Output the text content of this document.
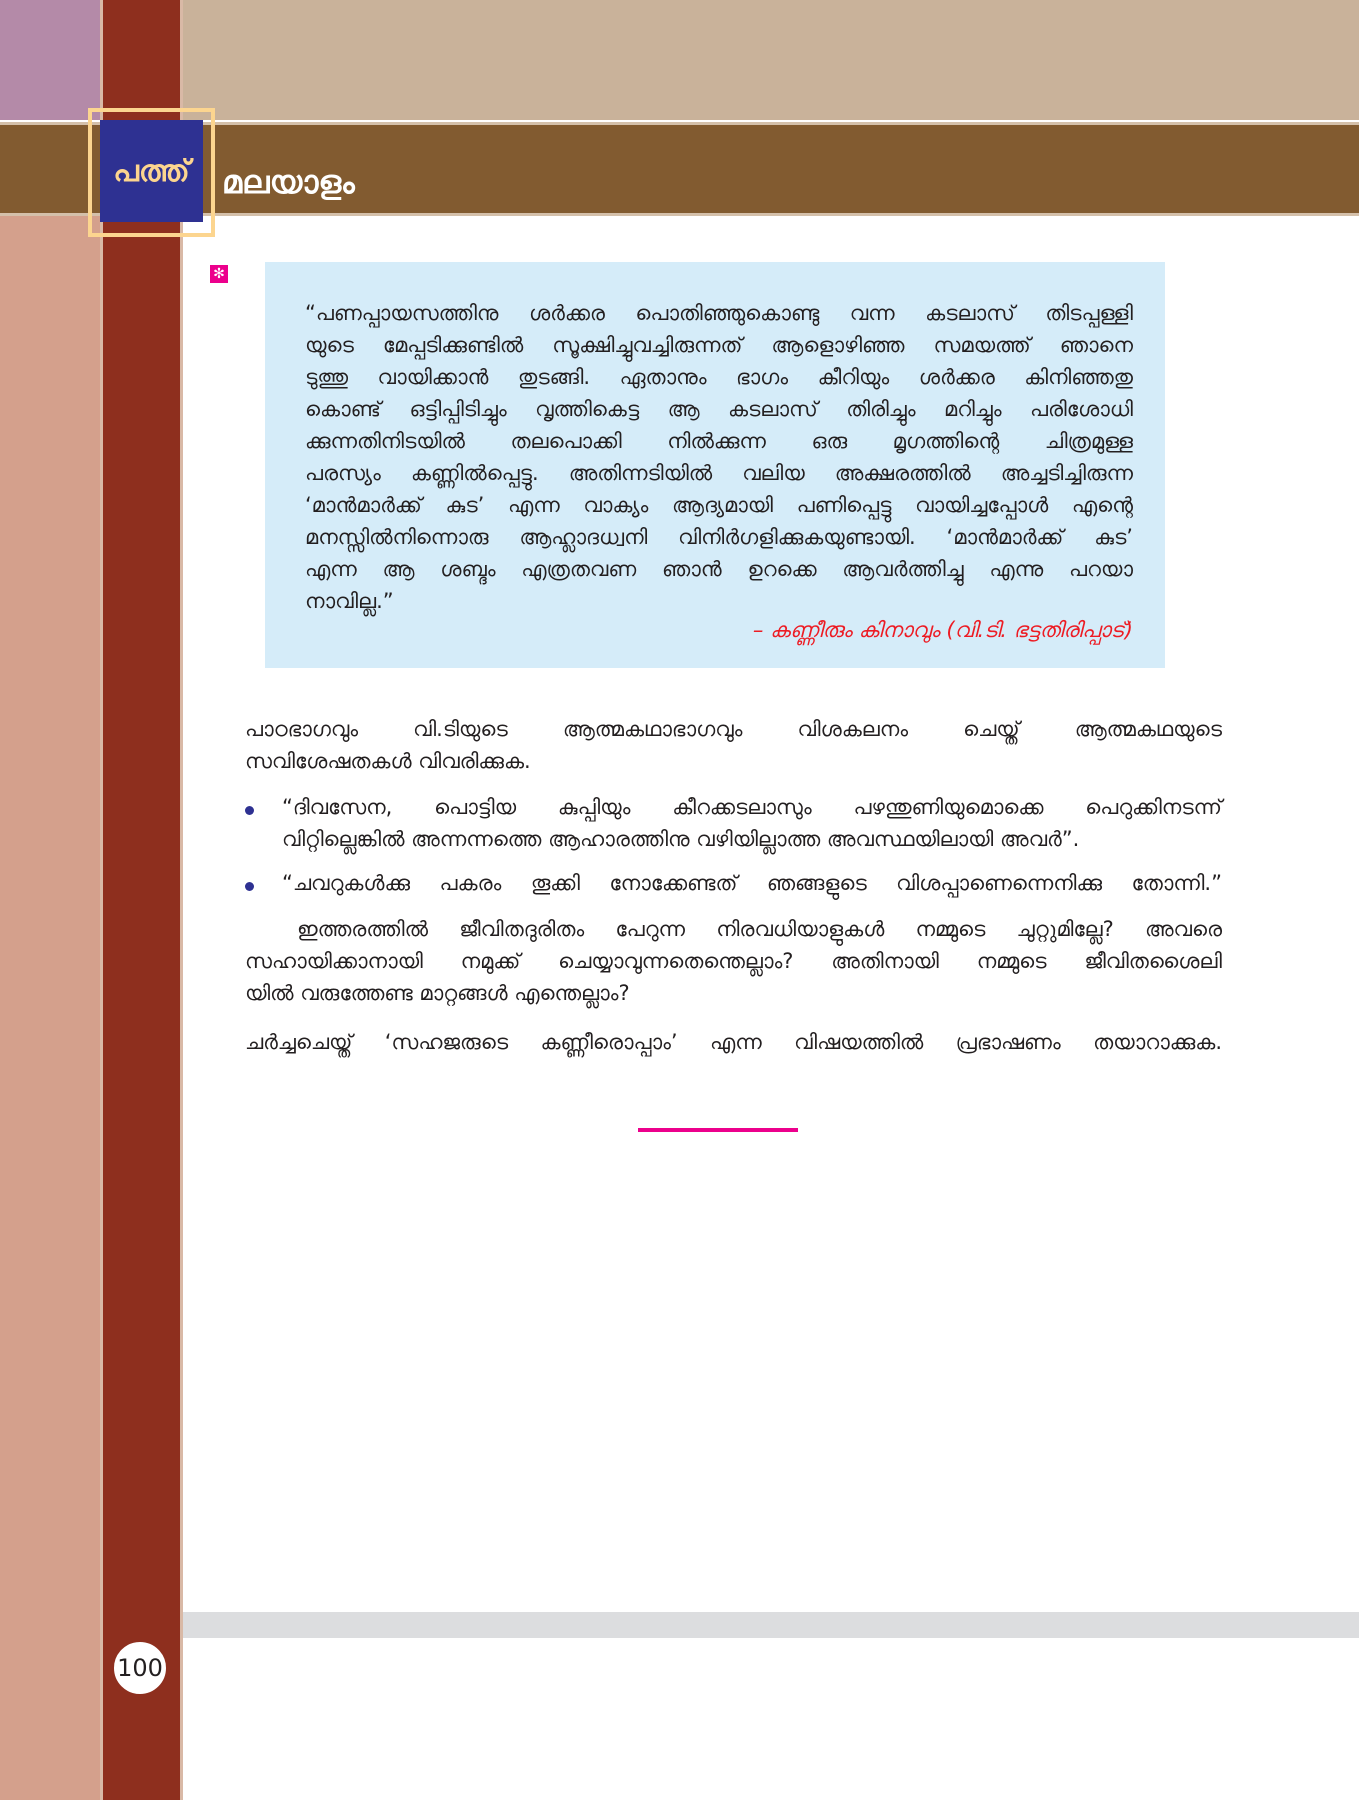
പത്ത്	മലയാളം
✻
“പണപ്പായസത്തിനു ശർക്കര പൊതിഞ്ഞുകൊണ്ടു വന്ന കടലാസ് തിടപ്പള്ളി
യുടെ മേപ്പടിക്കുണ്ടിൽ സൂക്ഷിച്ചുവച്ചിരുന്നത് ആളൊഴിഞ്ഞ സമയത്ത് ഞാനെ
ടുത്തു വായിക്കാൻ തുടങ്ങി. ഏതാനും ഭാഗം കീറിയും ശർക്കര കിനിഞ്ഞതു
കൊണ്ട് ഒട്ടിപ്പിടിച്ചും വൃത്തികെട്ട ആ കടലാസ് തിരിച്ചും മറിച്ചും പരിശോധി
ക്കുന്നതിനിടയിൽ തലപൊക്കി നിൽക്കുന്ന ഒരു മൃഗത്തിന്റെ ചിത്രമുള്ള
പരസ്യം കണ്ണിൽപ്പെട്ടു. അതിന്നടിയിൽ വലിയ അക്ഷരത്തിൽ അച്ചടിച്ചിരുന്ന
‘മാൻമാർക്ക് കുട’ എന്ന വാക്യം ആദ്യമായി പണിപ്പെട്ടു വായിച്ചപ്പോൾ എന്റെ
മനസ്സിൽനിന്നൊരു ആഹ്ലാദധ്വനി വിനിർഗളിക്കുകയുണ്ടായി. ‘മാൻമാർക്ക് കുട’
എന്ന ആ ശബ്ദം എത്രതവണ ഞാൻ ഉറക്കെ ആവർത്തിച്ചു എന്നു പറയാ
നാവില്ല.”
– കണ്ണീരും കിനാവും (വി.ടി. ഭട്ടതിരിപ്പാട്)
പാഠഭാഗവും വി.ടിയുടെ ആത്മകഥാഭാഗവും വിശകലനം ചെയ്ത് ആത്മകഥയുടെ
സവിശേഷതകൾ വിവരിക്കുക.
“ദിവസേന, പൊട്ടിയ കുപ്പിയും കീറക്കടലാസും പഴന്തുണിയുമൊക്കെ പെറുക്കിനടന്ന്
വിറ്റില്ലെങ്കിൽ അന്നന്നത്തെ ആഹാരത്തിനു വഴിയില്ലാത്ത അവസ്ഥയിലായി അവർ”.
“ചവറുകൾക്കു പകരം തൂക്കി നോക്കേണ്ടത് ഞങ്ങളുടെ വിശപ്പാണെന്നെനിക്കു തോന്നി.”
ഇത്തരത്തിൽ ജീവിതദുരിതം പേറുന്ന നിരവധിയാളുകൾ നമ്മുടെ ചുറ്റുമില്ലേ? അവരെ
സഹായിക്കാനായി നമുക്ക് ചെയ്യാവുന്നതെന്തെല്ലാം? അതിനായി നമ്മുടെ ജീവിതശൈലി
യിൽ വരുത്തേണ്ട മാറ്റങ്ങൾ എന്തെല്ലാം?
ചർച്ചചെയ്ത് ‘സഹജരുടെ കണ്ണീരൊപ്പാം’ എന്ന വിഷയത്തിൽ പ്രഭാഷണം തയാറാക്കുക.
100
